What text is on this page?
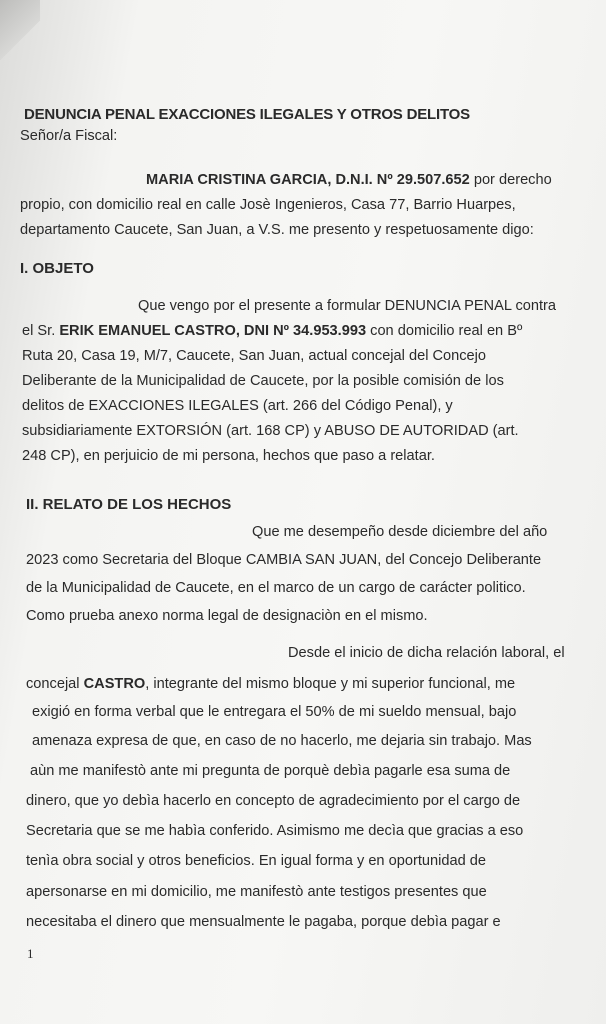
DENUNCIA PENAL EXACCIONES ILEGALES Y OTROS DELITOS
Señor/a Fiscal:
MARIA CRISTINA GARCIA, D.N.I. Nº 29.507.652 por derecho
propio, con domicilio real en calle Josè Ingenieros, Casa 77, Barrio Huarpes,
departamento Caucete, San Juan, a V.S. me presento y respetuosamente digo:
I. OBJETO
Que vengo por el presente a formular DENUNCIA PENAL contra
el Sr. ERIK EMANUEL CASTRO, DNI Nº 34.953.993 con domicilio real en Bº
Ruta 20, Casa 19, M/7, Caucete, San Juan, actual concejal del Concejo
Deliberante de la Municipalidad de Caucete, por la posible comisión de los
delitos de EXACCIONES ILEGALES (art. 266 del Código Penal), y
subsidiariamente EXTORSIÓN (art. 168 CP) y ABUSO DE AUTORIDAD (art.
248 CP), en perjuicio de mi persona, hechos que paso a relatar.
II. RELATO DE LOS HECHOS
Que me desempeño desde diciembre del año
2023 como Secretaria del Bloque CAMBIA SAN JUAN, del Concejo Deliberante
de la Municipalidad de Caucete, en el marco de un cargo de carácter politico.
Como prueba anexo norma legal de designaciòn en el mismo.
Desde el inicio de dicha relación laboral, el
concejal CASTRO, integrante del mismo bloque y mi superior funcional, me
exigió en forma verbal que le entregara el 50% de mi sueldo mensual, bajo
amenaza expresa de que, en caso de no hacerlo, me dejaria sin trabajo. Mas
aùn me manifestò ante mi pregunta de porquè debìa pagarle esa suma de
dinero, que yo debìa hacerlo en concepto de agradecimiento por el cargo de
Secretaria que se me habìa conferido. Asimismo me decìa que gracias a eso
tenìa obra social y otros beneficios. En igual forma y en oportunidad de
apersonarse en mi domicilio, me manifestò ante testigos presentes que
necesitaba el dinero que mensualmente le pagaba, porque debìa pagar e
1
